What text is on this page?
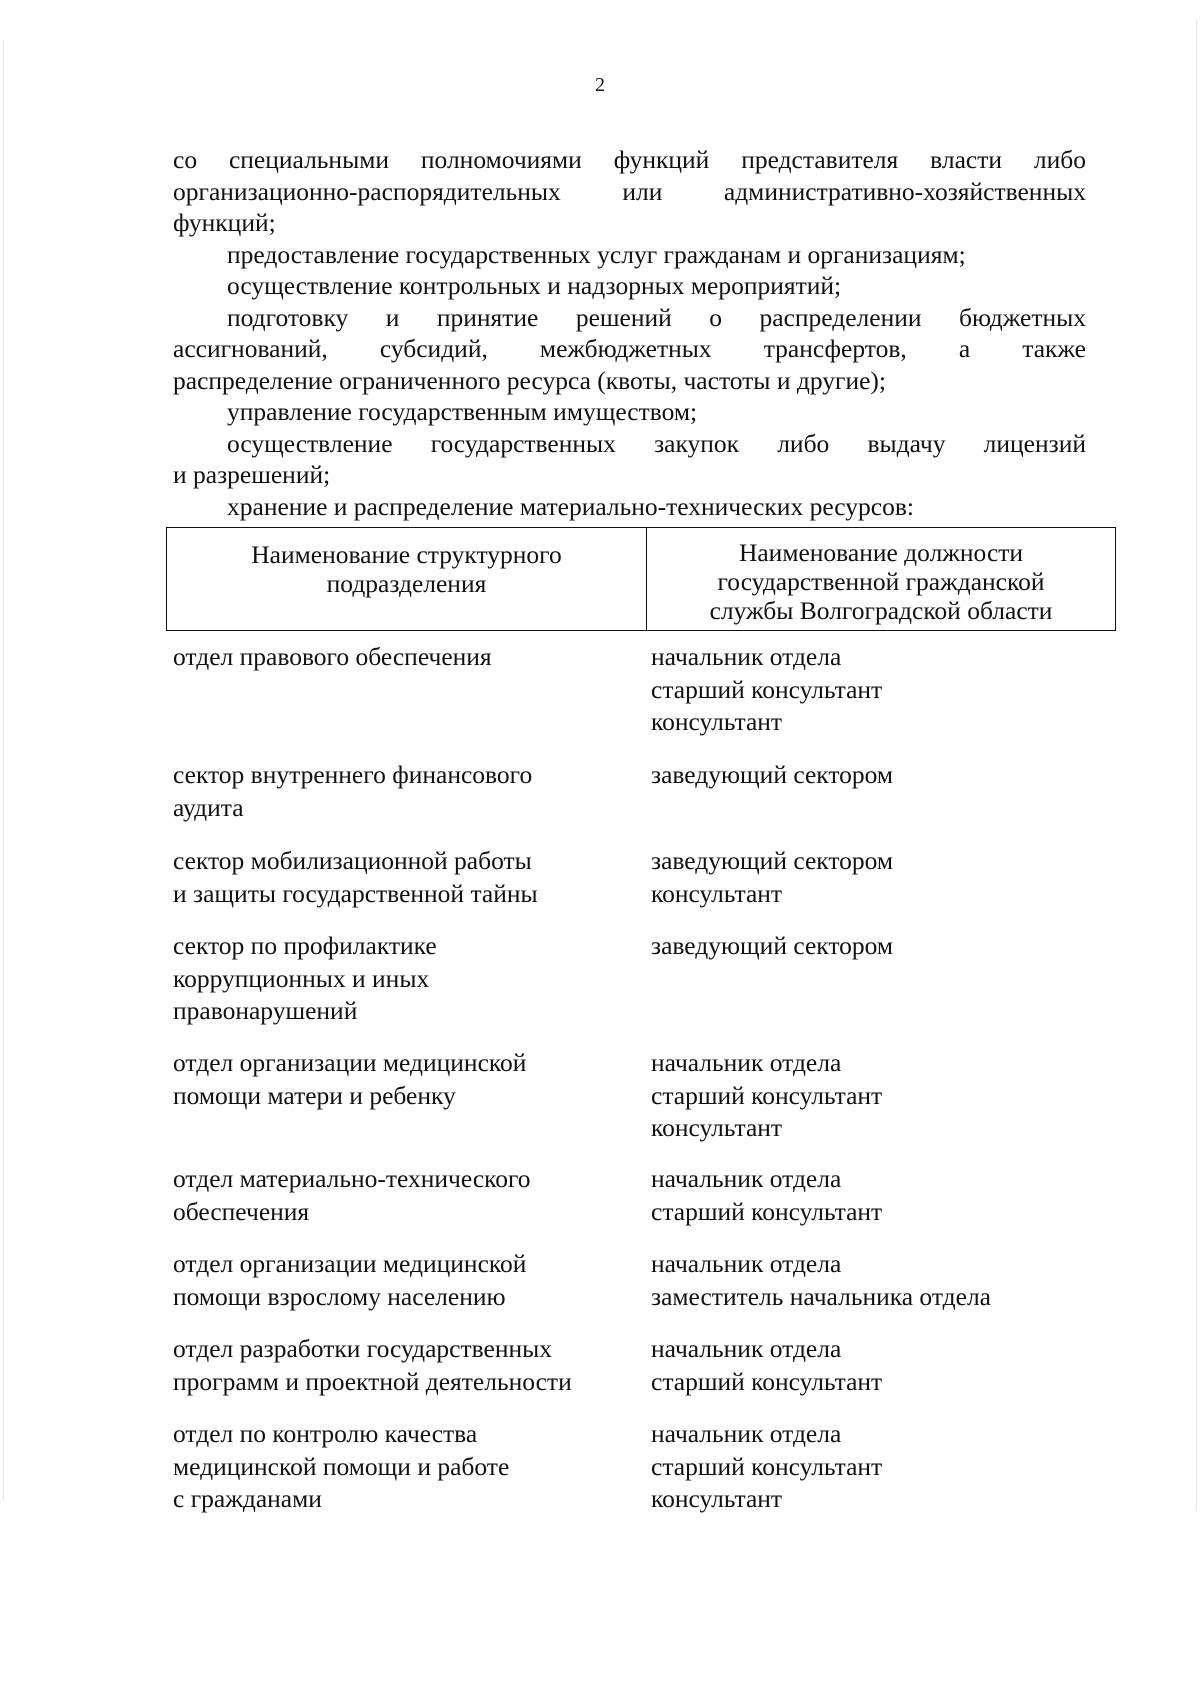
2

со специальными полномочиями функций представителя власти либо

организационно-распорядительных или административно-хозяйственных

функций;

предоставление государственных услуг гражданам и организациям;

осуществление контрольных и надзорных мероприятий;

подготовку и принятие решений о распределении бюджетных

ассигнований, субсидий, межбюджетных трансфертов, а также

распределение ограниченного ресурса (квоты, частоты и другие);

управление государственным имуществом;

осуществление государственных закупок либо выдачу лицензий

и разрешений;

хранение и распределение материально-технических ресурсов:

Наименование структурного
подразделения
Наименование должности
государственной гражданской
службы Волгоградской области
отдел правового обеспечения	начальник отдела
старший консультант
консультант
сектор внутреннего финансового
аудита
заведующий сектором
сектор мобилизационной работы
и защиты государственной тайны
заведующий сектором
консультант
сектор по профилактике
коррупционных и иных
правонарушений
заведующий сектором
отдел организации медицинской
помощи матери и ребенку
начальник отдела
старший консультант
консультант
отдел материально-технического
обеспечения
начальник отдела
старший консультант
отдел организации медицинской
помощи взрослому населению
начальник отдела
заместитель начальника отдела
отдел разработки государственных
программ и проектной деятельности
начальник отдела
старший консультант
отдел по контролю качества
медицинской помощи и работе
с гражданами
начальник отдела
старший консультант
консультант
